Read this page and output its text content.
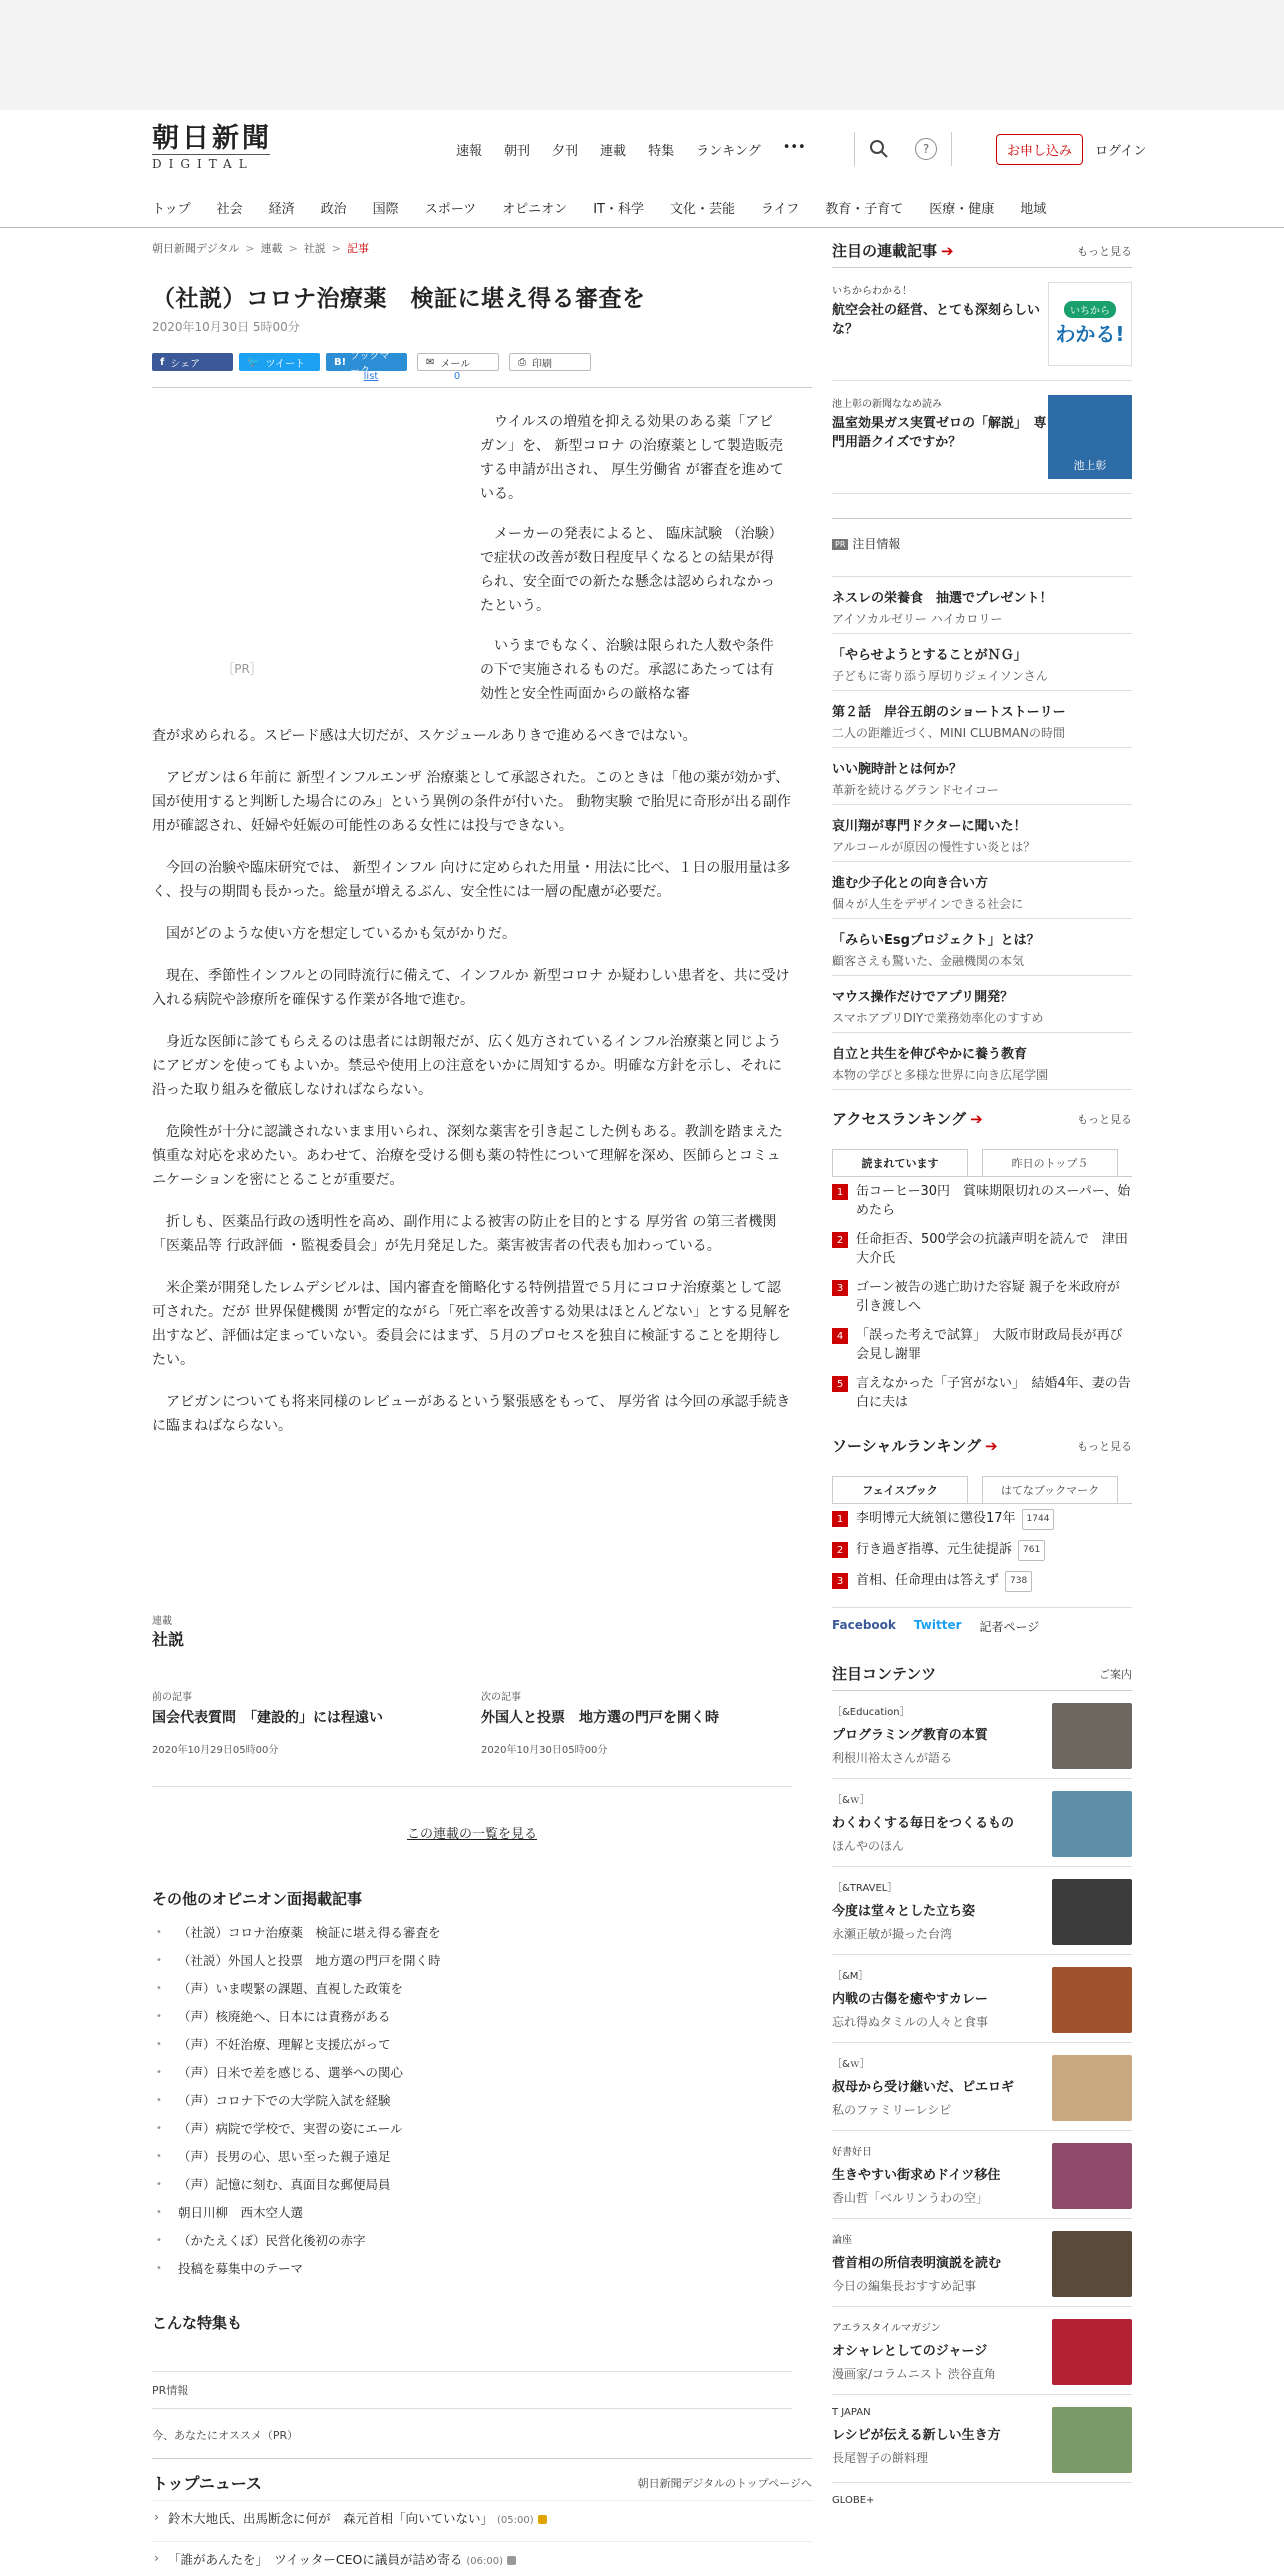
朝日新聞
DIGITAL
速報 朝刊 夕刊 連載 特集 ランキング •••	?	お申し込み	ログイン
トップ 社会 経済 政治 国際 スポーツ オピニオン IT・科学 文化・芸能 ライフ 教育・子育て 医療・健康 地域
朝日新聞デジタル > 連載 > 社説 > 記事
（社説）コロナ治療薬　検証に堪え得る審査を
2020年10月30日 5時00分
f シェア	🐦 ツイート	B! ブックマーク
✉ メール	⎙ 印刷
list	0
［PR］

ウイルスの増殖を抑える効果のある薬「アビガン」を、 新型コロナ の治療薬として製造販売する申請が出され、 厚生労働省 が審査を進めている。

メーカーの発表によると、 臨床試験 （治験）で症状の改善が数日程度早くなるとの結果が得られ、安全面での新たな懸念は認められなかったという。

いうまでもなく、治験は限られた人数や条件の下で実施されるものだ。承認にあたっては有効性と安全性両面からの厳格な審

査が求められる。スピード感は大切だが、スケジュールありきで進めるべきではない。

アビガンは６年前に 新型インフルエンザ 治療薬として承認された。このときは「他の薬が効かず、国が使用すると判断した場合にのみ」という異例の条件が付いた。 動物実験 で胎児に奇形が出る副作用が確認され、妊婦や妊娠の可能性のある女性には投与できない。

今回の治験や臨床研究では、 新型インフル 向けに定められた用量・用法に比べ、１日の服用量は多く、投与の期間も長かった。総量が増えるぶん、安全性には一層の配慮が必要だ。

国がどのような使い方を想定しているかも気がかりだ。

現在、季節性インフルとの同時流行に備えて、インフルか 新型コロナ か疑わしい患者を、共に受け入れる病院や診療所を確保する作業が各地で進む。

身近な医師に診てもらえるのは患者には朗報だが、広く処方されているインフル治療薬と同じようにアビガンを使ってもよいか。禁忌や使用上の注意をいかに周知するか。明確な方針を示し、それに沿った取り組みを徹底しなければならない。

危険性が十分に認識されないまま用いられ、深刻な薬害を引き起こした例もある。教訓を踏まえた慎重な対応を求めたい。あわせて、治療を受ける側も薬の特性について理解を深め、医師らとコミュニケーションを密にとることが重要だ。

折しも、医薬品行政の透明性を高め、副作用による被害の防止を目的とする 厚労省 の第三者機関「医薬品等 行政評価 ・監視委員会」が先月発足した。薬害被害者の代表も加わっている。

米企業が開発したレムデシビルは、国内審査を簡略化する特例措置で５月にコロナ治療薬として認可された。だが 世界保健機関 が暫定的ながら「死亡率を改善する効果はほとんどない」とする見解を出すなど、評価は定まっていない。委員会にはまず、５月のプロセスを独自に検証することを期待したい。

アビガンについても将来同様のレビューがあるという緊張感をもって、 厚労省 は今回の承認手続きに臨まねばならない。

連載
社説
前の記事
国会代表質問　「建設的」には程遠い
2020年10月29日05時00分
次の記事
外国人と投票　地方選の門戸を開く時
2020年10月30日05時00分
この連載の一覧を見る
その他のオピニオン面掲載記事
• （社説）コロナ治療薬　検証に堪え得る審査を
• （社説）外国人と投票　地方選の門戸を開く時
• （声）いま喫緊の課題、直視した政策を
• （声）核廃絶へ、日本には責務がある
• （声）不妊治療、理解と支援広がって
• （声）日米で差を感じる、選挙への関心
• （声）コロナ下での大学院入試を経験
• （声）病院で学校で、実習の姿にエール
• （声）長男の心、思い至った親子遠足
• （声）記憶に刻む、真面目な郵便局員
• 朝日川柳　西木空人選
• （かたえくぼ）民営化後初の赤字
• 投稿を募集中のテーマ
こんな特集も
PR情報
今、あなたにオススメ（PR）
トップニュース	朝日新聞デジタルのトップページへ
› 鈴木大地氏、出馬断念に何が　森元首相「向いていない」 (05:00)
› 「誰があんたを」　ツイッターCEOに議員が詰め寄る (06:00)
注目の連載記事 ➔	もっと見る
いちからわかる！
航空会社の経営、とても深刻らしいな？
いちから
わかる!
池上彰の新聞ななめ読み
温室効果ガス実質ゼロの「解説」　専門用語クイズですか？
池上彰
PR 注目情報
ネスレの栄養食　抽選でプレゼント！
アイソカルゼリー ハイカロリー
「やらせようとすることがＮＧ」
子どもに寄り添う厚切りジェイソンさん
第２話　岸谷五朗のショートストーリー
二人の距離近づく、MINI CLUBMANの時間
いい腕時計とは何か？
革新を続けるグランドセイコー
哀川翔が専門ドクターに聞いた！
アルコールが原因の慢性すい炎とは？
進む少子化との向き合い方
個々が人生をデザインできる社会に
「みらいEsgプロジェクト」とは？
顧客さえも驚いた、金融機関の本気
マウス操作だけでアプリ開発？
スマホアプリDIYで業務効率化のすすめ
自立と共生を伸びやかに養う教育
本物の学びと多様な世界に向き広尾学園
アクセスランキング ➔	もっと見る
読まれています	昨日のトップ５
1 缶コーヒー30円　賞味期限切れのスーパー、始めたら
2 任命拒否、500学会の抗議声明を読んで　津田大介氏
3 ゴーン被告の逃亡助けた容疑 親子を米政府が引き渡しへ
4 「誤った考えで試算」　大阪市財政局長が再び会見し謝罪
5 言えなかった「子宮がない」　結婚4年、妻の告白に夫は
ソーシャルランキング ➔	もっと見る
フェイスブック	はてなブックマーク
1 李明博元大統領に懲役17年	1744
2 行き過ぎ指導、元生徒提訴	761
3 首相、任命理由は答えず	738
Facebook Twitter 記者ページ
注目コンテンツ	ご案内
［&Education］
プログラミング教育の本質
利根川裕太さんが語る
［&ｗ］
わくわくする毎日をつくるもの
ほんやのほん
［&TRAVEL］
今度は堂々とした立ち姿
永瀬正敏が撮った台湾
［&M］
内戦の古傷を癒やすカレー
忘れ得ぬタミルの人々と食事
［&ｗ］
叔母から受け継いだ、ピエロギ
私のファミリーレシピ
好書好日
生きやすい街求めドイツ移住
香山哲「ベルリンうわの空」
論座
菅首相の所信表明演説を読む
今日の編集長おすすめ記事
アエラスタイルマガジン
オシャレとしてのジャージ
漫画家/コラムニスト 渋谷直角
T JAPAN
レシピが伝える新しい生き方
長尾智子の餅料理
GLOBE+
